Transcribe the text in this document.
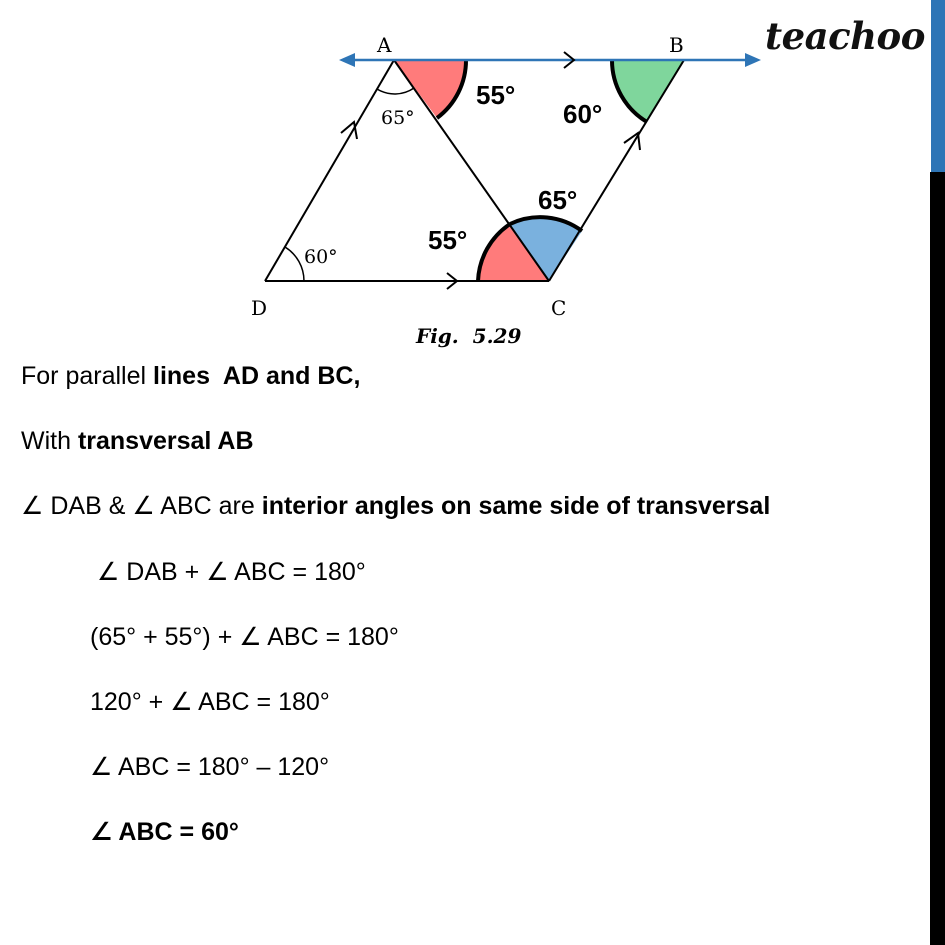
teachoo
65°
60°
A	B
C
D
55°
60°
65°
55°
Fig.  5.29

For parallel lines  AD and BC,

With transversal AB

∠ DAB & ∠ ABC are interior angles on same side of transversal

∠ DAB + ∠ ABC = 180°

(65° + 55°) + ∠ ABC = 180°

120° + ∠ ABC = 180°

∠ ABC = 180° – 120°

∠ ABC = 60°
